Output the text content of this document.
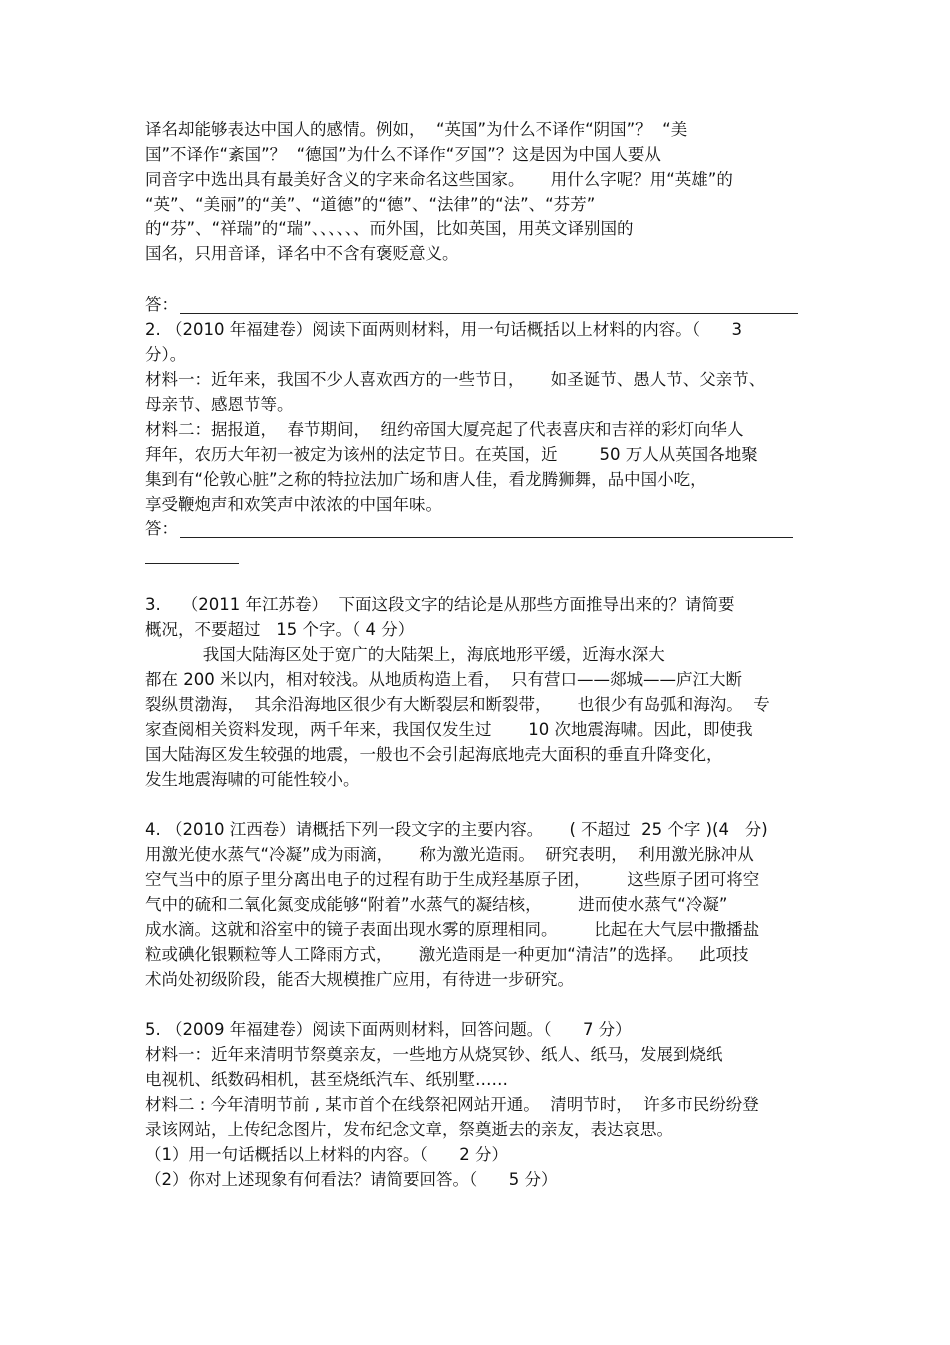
译名却能够表达中国人的感情。例如，  “英国”为什么不译作“阴国”？  “美
国”不译作“紊国”？  “德国”为什么不译作“歹国”？这是因为中国人要从
同音字中选出具有最美好含义的字来命名这些国家。     用什么字呢？用“英雄”的
“英”、“美丽”的“美”、“道德”的“德”、“法律”的“法”、“芬芳”
的“芬”、“祥瑞”的“瑞”、、、、、、而外国，比如英国，用英文译别国的
国名，只用音译，译名中不含有褒贬意义。
答：
2. （2010 年福建卷）阅读下面两则材料，用一句话概括以上材料的内容。（      3
分）。
材料一：近年来，我国不少人喜欢西方的一些节日，     如圣诞节、愚人节、父亲节、
母亲节、感恩节等。
材料二：据报道，  春节期间，  纽约帝国大厦亮起了代表喜庆和吉祥的彩灯向华人
拜年，农历大年初一被定为该州的法定节日。在英国，近        50 万人从英国各地聚
集到有“伦敦心脏”之称的特拉法加广场和唐人佳，看龙腾狮舞，品中国小吃，
享受鞭炮声和欢笑声中浓浓的中国年味。
答：
3.    （2011 年江苏卷）  下面这段文字的结论是从那些方面推导出来的？请简要
概况，不要超过   15 个字。（ 4 分）
我国大陆海区处于宽广的大陆架上，海底地形平缓，近海水深大
都在 200 米以内，相对较浅。从地质构造上看，  只有营口——郯城——庐江大断
裂纵贯渤海，  其余沿海地区很少有大断裂层和断裂带，     也很少有岛弧和海沟。  专
家查阅相关资料发现，两千年来，我国仅发生过       10 次地震海啸。因此，即使我
国大陆海区发生较强的地震，一般也不会引起海底地壳大面积的垂直升降变化，
发生地震海啸的可能性较小。
4. （2010 江西卷）请概括下列一段文字的主要内容。     ( 不超过  25 个字 )(4   分)
用激光使水蒸气“冷凝”成为雨滴，     称为激光造雨。  研究表明，  利用激光脉冲从
空气当中的原子里分离出电子的过程有助于生成羟基原子团，       这些原子团可将空
气中的硫和二氧化氮变成能够“附着”水蒸气的凝结核，       进而使水蒸气“冷凝”
成水滴。这就和浴室中的镜子表面出现水雾的原理相同。       比起在大气层中撒播盐
粒或碘化银颗粒等人工降雨方式，     激光造雨是一种更加“清洁”的选择。   此项技
术尚处初级阶段，能否大规模推广应用，有待进一步研究。
5. （2009 年福建卷）阅读下面两则材料，回答问题。（      7 分）
材料一：近年来清明节祭奠亲友，一些地方从烧冥钞、纸人、纸马，发展到烧纸
电视机、纸数码相机，甚至烧纸汽车、纸别墅……
材料二 : 今年清明节前 , 某市首个在线祭祀网站开通。  清明节时，  许多市民纷纷登
录该网站，上传纪念图片，发布纪念文章，祭奠逝去的亲友，表达哀思。
（1）用一句话概括以上材料的内容。（      2 分）
（2）你对上述现象有何看法？请简要回答。（      5 分）
